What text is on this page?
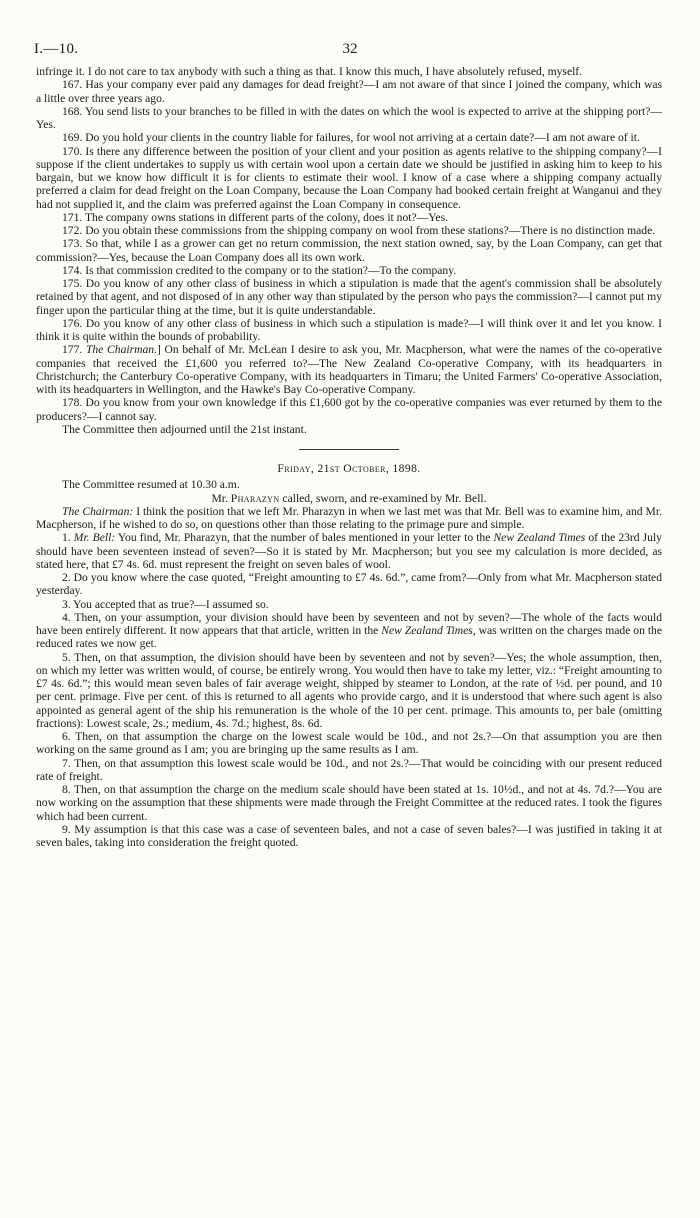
I.—10.	32

infringe it. I do not care to tax anybody with such a thing as that. I know this much, I have absolutely refused, myself.

167. Has your company ever paid any damages for dead freight?—I am not aware of that since I joined the company, which was a little over three years ago.

168. You send lists to your branches to be filled in with the dates on which the wool is expected to arrive at the shipping port?—Yes.

169. Do you hold your clients in the country liable for failures, for wool not arriving at a certain date?—I am not aware of it.

170. Is there any difference between the position of your client and your position as agents relative to the shipping company?—I suppose if the client undertakes to supply us with certain wool upon a certain date we should be justified in asking him to keep to his bargain, but we know how difficult it is for clients to estimate their wool. I know of a case where a shipping company actually preferred a claim for dead freight on the Loan Company, because the Loan Company had booked certain freight at Wanganui and they had not supplied it, and the claim was preferred against the Loan Company in consequence.

171. The company owns stations in different parts of the colony, does it not?—Yes.

172. Do you obtain these commissions from the shipping company on wool from these stations?—There is no distinction made.

173. So that, while I as a grower can get no return commission, the next station owned, say, by the Loan Company, can get that commission?—Yes, because the Loan Company does all its own work.

174. Is that commission credited to the company or to the station?—To the company.

175. Do you know of any other class of business in which a stipulation is made that the agent's commission shall be absolutely retained by that agent, and not disposed of in any other way than stipulated by the person who pays the commission?—I cannot put my finger upon the particular thing at the time, but it is quite understandable.

176. Do you know of any other class of business in which such a stipulation is made?—I will think over it and let you know. I think it is quite within the bounds of probability.

177. The Chairman.] On behalf of Mr. McLean I desire to ask you, Mr. Macpherson, what were the names of the co-operative companies that received the £1,600 you referred to?—The New Zealand Co-operative Company, with its headquarters in Christchurch; the Canterbury Co-operative Company, with its headquarters in Timaru; the United Farmers' Co-operative Association, with its headquarters in Wellington, and the Hawke's Bay Co-operative Company.

178. Do you know from your own knowledge if this £1,600 got by the co-operative companies was ever returned by them to the producers?—I cannot say.

The Committee then adjourned until the 21st instant.

Friday, 21st October, 1898.

The Committee resumed at 10.30 a.m.

Mr. Pharazyn called, sworn, and re-examined by Mr. Bell.

The Chairman: I think the position that we left Mr. Pharazyn in when we last met was that Mr. Bell was to examine him, and Mr. Macpherson, if he wished to do so, on questions other than those relating to the primage pure and simple.

1. Mr. Bell: You find, Mr. Pharazyn, that the number of bales mentioned in your letter to the New Zealand Times of the 23rd July should have been seventeen instead of seven?—So it is stated by Mr. Macpherson; but you see my calculation is more decided, as stated here, that £7 4s. 6d. must represent the freight on seven bales of wool.

2. Do you know where the case quoted, “Freight amounting to £7 4s. 6d.”, came from?—Only from what Mr. Macpherson stated yesterday.

3. You accepted that as true?—I assumed so.

4. Then, on your assumption, your division should have been by seventeen and not by seven?—The whole of the facts would have been entirely different. It now appears that that article, written in the New Zealand Times, was written on the charges made on the reduced rates we now get.

5. Then, on that assumption, the division should have been by seventeen and not by seven?—Yes; the whole assumption, then, on which my letter was written would, of course, be entirely wrong. You would then have to take my letter, viz.: “Freight amounting to £7 4s. 6d.”; this would mean seven bales of fair average weight, shipped by steamer to London, at the rate of ½d. per pound, and 10 per cent. primage. Five per cent. of this is returned to all agents who provide cargo, and it is understood that where such agent is also appointed as general agent of the ship his remuneration is the whole of the 10 per cent. primage. This amounts to, per bale (omitting fractions): Lowest scale, 2s.; medium, 4s. 7d.; highest, 8s. 6d.

6. Then, on that assumption the charge on the lowest scale would be 10d., and not 2s.?—On that assumption you are then working on the same ground as I am; you are bringing up the same results as I am.

7. Then, on that assumption this lowest scale would be 10d., and not 2s.?—That would be coinciding with our present reduced rate of freight.

8. Then, on that assumption the charge on the medium scale should have been stated at 1s. 10½d., and not at 4s. 7d.?—You are now working on the assumption that these shipments were made through the Freight Committee at the reduced rates. I took the figures which had been current.

9. My assumption is that this case was a case of seventeen bales, and not a case of seven bales?—I was justified in taking it at seven bales, taking into consideration the freight quoted.
